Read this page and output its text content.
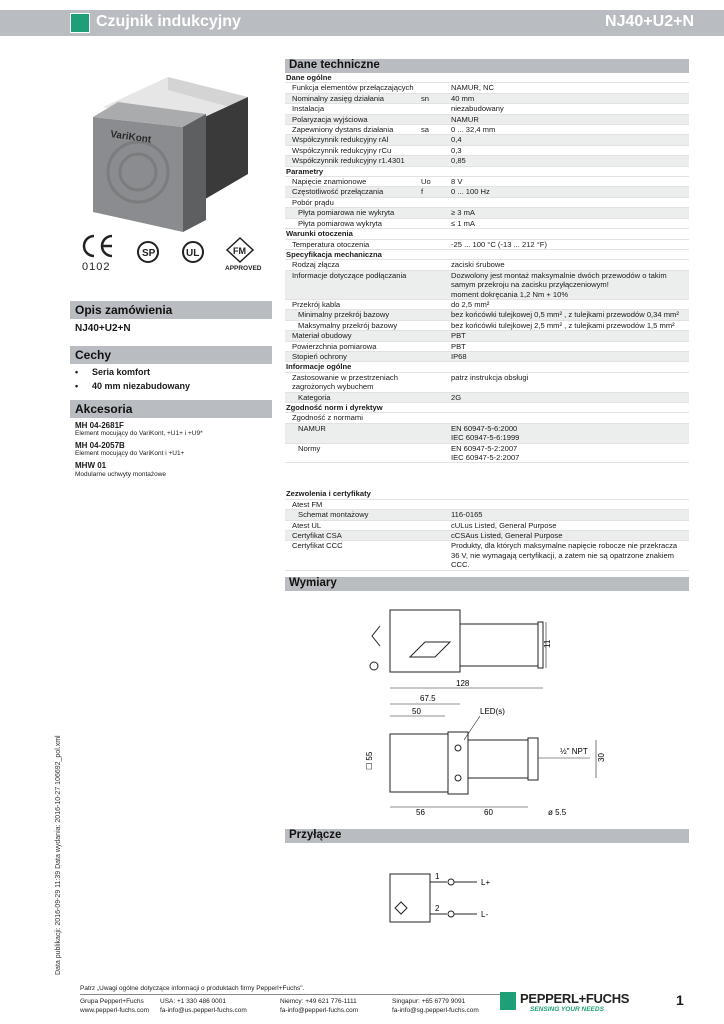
Czujnik indukcyjny	NJ40+U2+N
VariKont
0102
SP	UL	FM
APPROVED
Opis zamówienia
NJ40+U2+N
Cechy
• Seria komfort
• 40 mm niezabudowany
Akcesoria
MH 04-2681F
Element mocujący do VariKont, +U1+ i +U9*
MH 04-2057B
Element mocujący do VariKont i +U1+
MHW 01
Modularne uchwyty montażowe
Dane techniczne
Dane ogólne
Funkcja elementów przełączających	NAMUR, NC
Nominalny zasięg działania	sn	40 mm
Instalacja	niezabudowany
Polaryzacja wyjściowa	NAMUR
Zapewniony dystans działania	sa	0 ... 32,4 mm
Współczynnik redukcyjny rAl	0,4
Współczynnik redukcyjny rCu	0,3
Współczynnik redukcyjny r1.4301	0,85
Parametry
Napięcie znamionowe	Uo	8 V
Częstotliwość przełączania	f	0 ... 100 Hz
Pobór prądu
Płyta pomiarowa nie wykryta	≥ 3 mA
Płyta pomiarowa wykryta	≤ 1 mA
Warunki otoczenia
Temperatura otoczenia	-25 ... 100 °C (-13 ... 212 °F)
Specyfikacja mechaniczna
Rodzaj złącza	zaciski śrubowe
Informacje dotyczące podłączania	Dozwolony jest montaż maksymalnie dwóch przewodów o takim samym przekroju na zacisku przyłączeniowym!
moment dokręcania 1,2 Nm + 10%
Przekrój kabla	do 2,5 mm²
Minimalny przekrój bazowy	bez końcówki tulejkowej 0,5 mm² , z tulejkami przewodów 0,34 mm²
Maksymalny przekrój bazowy	bez końcówki tulejkowej 2,5 mm² , z tulejkami przewodów 1,5 mm²
Materiał obudowy	PBT
Powierzchnia pomiarowa	PBT
Stopień ochrony	IP68
Informacje ogólne
Zastosowanie w przestrzeniach zagrożonych wybuchem
patrz instrukcja obsługi
Kategoria	2G
Zgodność norm i dyrektyw
Zgodność z normami
NAMUR	EN 60947-5-6:2000
IEC 60947-5-6:1999
Normy	EN 60947-5-2:2007
IEC 60947-5-2:2007
Zezwolenia i certyfikaty
Atest FM
Schemat montażowy	116-0165
Atest UL	cULus Listed, General Purpose
Certyfikat CSA	cCSAus Listed, General Purpose
Certyfikat CCC	Produkty, dla których maksymalne napięcie robocze nie przekracza 36 V, nie wymagają certyfikacji, a zatem nie są opatrzone znakiem CCC.
Wymiary
11
128
67.5
50	LED(s)
½" NPT
30
☐ 55
56	60	ø 5.5
Przyłącze
1
2
L+
L-
Data publikacji: 2016-09-29 11:39 Data wydania: 2016-10-27 106692_pol.xml
Patrz „Uwagi ogólne dotyczące informacji o produktach firmy Pepperl+Fuchs".
Grupa Pepperl+Fuchs
www.pepperl-fuchs.com
USA: +1 330 486 0001
fa-info@us.pepperl-fuchs.com
Niemcy: +49 621 776-1111
fa-info@pepperl-fuchs.com
Singapur: +65 6779 9091
fa-info@sg.pepperl-fuchs.com
PEPPERL+FUCHS
SENSING YOUR NEEDS
1
